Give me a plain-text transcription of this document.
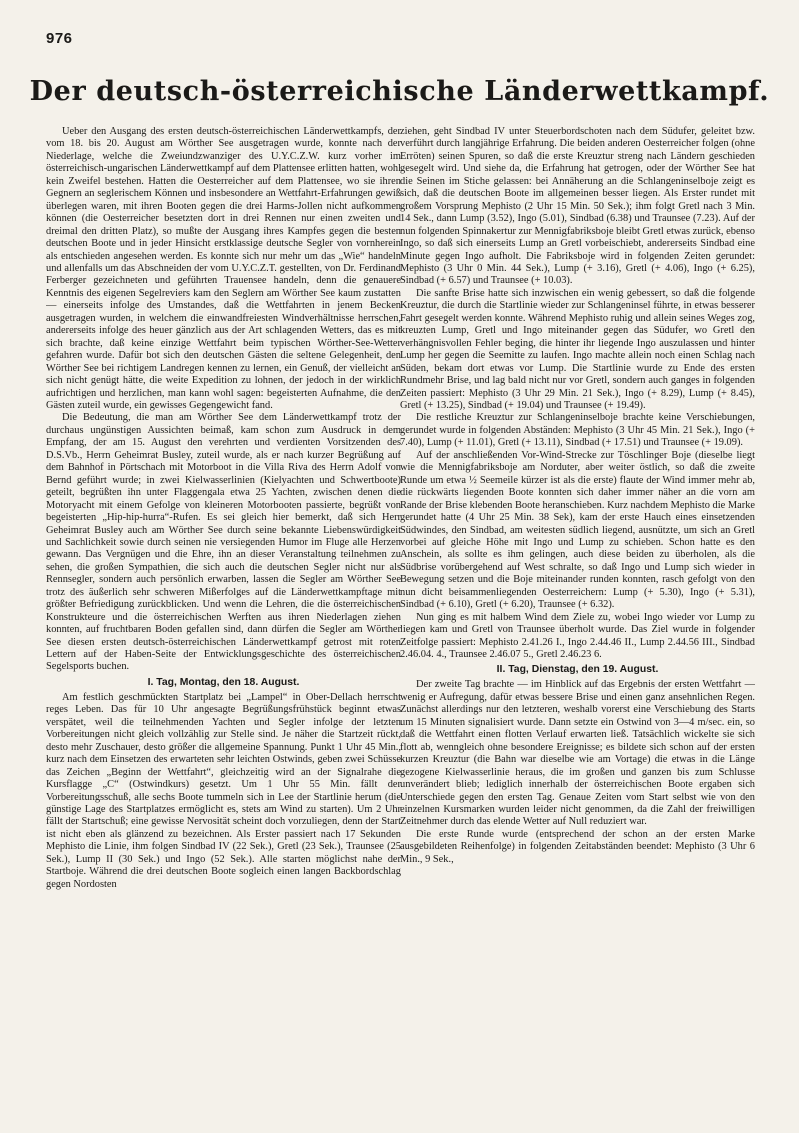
976
Der deutsch-österreichische Länderwettkampf.

Ueber den Ausgang des ersten deutsch-österreichischen Länderwettkampfs, der vom 18. bis 20. August am Wörther See ausgetragen wurde, konnte nach der Niederlage, welche die Zweiundzwanziger des U.Y.C.Z.W. kurz vorher im österreichisch-ungarischen Länderwettkampf auf dem Plattensee erlitten hatten, wohl kein Zweifel bestehen. Hatten die Oesterreicher auf dem Plattensee, wo sie ihren Gegnern an seglerischem Können und insbesondere an Wettfahrt-Erfahrungen gewiß überlegen waren, mit ihren Booten gegen die drei Harms-Jollen nicht aufkommen können (die Oesterreicher besetzten dort in drei Rennen nur einen zweiten und dreimal den dritten Platz), so mußte der Ausgang ihres Kampfes gegen die besten deutschen Boote und in jeder Hinsicht erstklassige deutsche Segler von vornherein als entschieden angesehen werden. Es konnte sich nur mehr um das „Wie“ handeln und allenfalls um das Abschneiden der vom U.Y.C.Z.T. gestellten, von Dr. Ferdinand Ferberger gezeichneten und geführten Trauensee handeln, denn die genauere Kenntnis des eigenen Segelreviers kam den Seglern am Wörther See kaum zustatten — einerseits infolge des Umstandes, daß die Wettfahrten in jenem Becken ausgetragen wurden, in welchem die einwandfreiesten Windverhältnisse herrschen, andererseits infolge des heuer gänzlich aus der Art schlagenden Wetters, das es mit sich brachte, daß keine einzige Wettfahrt beim typischen Wörther-See-Wetter gefahren wurde. Dafür bot sich den deutschen Gästen die seltene Gelegenheit, den Wörther See bei richtigem Landregen kennen zu lernen, ein Genuß, der vielleicht an sich nicht genügt hätte, die weite Expedition zu lohnen, der jedoch in der wirklich aufrichtigen und herzlichen, man kann wohl sagen: begeisterten Aufnahme, die den Gästen zuteil wurde, ein gewisses Gegengewicht fand.

Die Bedeutung, die man am Wörther See dem Länderwettkampf trotz der durchaus ungünstigen Aussichten beimaß, kam schon zum Ausdruck in dem Empfang, der am 15. August den verehrten und verdienten Vorsitzenden des D.S.Vb., Herrn Geheimrat Busley, zuteil wurde, als er nach kurzer Begrüßung auf dem Bahnhof in Pörtschach mit Motorboot in die Villa Riva des Herrn Adolf von Bernd geführt wurde; in zwei Kielwasserlinien (Kielyachten und Schwertboote) geteilt, begrüßten ihn unter Flaggengala etwa 25 Yachten, zwischen denen die Motoryacht mit einem Gefolge von kleineren Motorbooten passierte, begrüßt von begeisterten „Hip-hip-hurra“-Rufen. Es sei gleich hier bemerkt, daß sich Herr Geheimrat Busley auch am Wörther See durch seine bekannte Liebenswürdigkeit und Sachlichkeit sowie durch seinen nie versiegenden Humor im Fluge alle Herzen gewann. Das Vergnügen und die Ehre, ihn an dieser Veranstaltung teilnehmen zu sehen, die großen Sympathien, die sich auch die deutschen Segler nicht nur als Rennsegler, sondern auch persönlich erwarben, lassen die Segler am Wörther See trotz des äußerlich sehr schweren Mißerfolges auf die Länderwettkampftage mit größter Befriedigung zurückblicken. Und wenn die Lehren, die die österreichischen Konstrukteure und die österreichischen Werften aus ihren Niederlagen ziehen konnten, auf fruchtbaren Boden gefallen sind, dann dürfen die Segler am Wörther See diesen ersten deutsch-österreichischen Länderwettkampf getrost mit roten Lettern auf der Haben-Seite der Entwicklungsgeschichte des österreichischen Segelsports buchen.

I. Tag, Montag, den 18. August.

Am festlich geschmückten Startplatz bei „Lampel“ in Ober-Dellach herrscht reges Leben. Das für 10 Uhr angesagte Begrüßungsfrühstück beginnt etwas verspätet, weil die teilnehmenden Yachten und Segler infolge der letzten Vorbereitungen nicht gleich vollzählig zur Stelle sind. Je näher die Startzeit rückt, desto mehr Zuschauer, desto größer die allgemeine Spannung. Punkt 1 Uhr 45 Min., kurz nach dem Einsetzen des erwarteten sehr leichten Ostwinds, geben zwei Schüsse das Zeichen „Beginn der Wettfahrt“, gleichzeitig wird an der Signalrahe die Kursflagge „C“ (Ostwindkurs) gesetzt. Um 1 Uhr 55 Min. fällt der Vorbereitungsschuß, alle sechs Boote tummeln sich in Lee der Startlinie herum (die günstige Lage des Startplatzes ermöglicht es, stets am Wind zu starten). Um 2 Uhr fällt der Startschuß; eine gewisse Nervosität scheint doch vorzuliegen, denn der Start ist nicht eben als glänzend zu bezeichnen. Als Erster passiert nach 17 Sekunden Mephisto die Linie, ihm folgen Sindbad IV (22 Sek.), Gretl (23 Sek.), Traunsee (25 Sek.), Lump II (30 Sek.) und Ingo (52 Sek.). Alle starten möglichst nahe der Startboje. Während die drei deutschen Boote sogleich einen langen Backbordschlag gegen Nordosten

ziehen, geht Sindbad IV unter Steuerbordschoten nach dem Südufer, geleitet bzw. verführt durch langjährige Erfahrung. Die beiden anderen Oesterreicher folgen (ohne Erröten) seinen Spuren, so daß die erste Kreuztur streng nach Ländern geschieden gesegelt wird. Und siehe da, die Erfahrung hat getrogen, oder der Wörther See hat die Seinen im Stiche gelassen: bei Annäherung an die Schlangeninselboje zeigt es sich, daß die deutschen Boote im allgemeinen besser liegen. Als Erster rundet mit großem Vorsprung Mephisto (2 Uhr 15 Min. 50 Sek.); ihm folgt Gretl nach 3 Min. 14 Sek., dann Lump (3.52), Ingo (5.01), Sindbad (6.38) und Traunsee (7.23). Auf der nun folgenden Spinnakertur zur Mennigfabriksboje bleibt Gretl etwas zurück, ebenso Ingo, so daß sich einerseits Lump an Gretl vorbeischiebt, andererseits Sindbad eine Minute gegen Ingo aufholt. Die Fabriksboje wird in folgenden Zeiten gerundet: Mephisto (3 Uhr 0 Min. 44 Sek.), Lump (+ 3.16), Gretl (+ 4.06), Ingo (+ 6.25), Sindbad (+ 6.57) und Traunsee (+ 10.03).

Die sanfte Brise hatte sich inzwischen ein wenig gebessert, so daß die folgende Kreuztur, die durch die Startlinie wieder zur Schlangeninsel führte, in etwas besserer Fahrt gesegelt werden konnte. Während Mephisto ruhig und allein seines Weges zog, kreuzten Lump, Gretl und Ingo miteinander gegen das Südufer, wo Gretl den verhängnisvollen Fehler beging, die hinter ihr liegende Ingo auszulassen und hinter Lump her gegen die Seemitte zu laufen. Ingo machte allein noch einen Schlag nach Süden, bekam dort etwas vor Lump. Die Startlinie wurde zu Ende des ersten Rundmehr Brise, und lag bald nicht nur vor Gretl, sondern auch ganges in folgenden Zeiten passiert: Mephisto (3 Uhr 29 Min. 21 Sek.), Ingo (+ 8.29), Lump (+ 8.45), Gretl (+ 13.25), Sindbad (+ 19.04) und Traunsee (+ 19.49).

Die restliche Kreuztur zur Schlangeninselboje brachte keine Verschiebungen, gerundet wurde in folgenden Abständen: Mephisto (3 Uhr 45 Min. 21 Sek.), Ingo (+ 7.40), Lump (+ 11.01), Gretl (+ 13.11), Sindbad (+ 17.51) und Traunsee (+ 19.09).

Auf der anschließenden Vor-Wind-Strecke zur Töschlinger Boje (dieselbe liegt wie die Mennigfabriksboje am Norduter, aber weiter östlich, so daß die zweite Runde um etwa ½ Seemeile kürzer ist als die erste) flaute der Wind immer mehr ab, die rückwärts liegenden Boote konnten sich daher immer näher an die vorn am Rande der Brise klebenden Boote heranschieben. Kurz nachdem Mephisto die Marke gerundet hatte (4 Uhr 25 Min. 38 Sek), kam der erste Hauch eines einsetzenden Südwindes, den Sindbad, am weitesten südlich liegend, ausnützte, um sich an Gretl vorbei auf gleiche Höhe mit Ingo und Lump zu schieben. Schon hatte es den Anschein, als sollte es ihm gelingen, auch diese beiden zu überholen, als die Südbrise vorübergehend auf West schralte, so daß Ingo und Lump sich wieder in Bewegung setzen und die Boje miteinander runden konnten, rasch gefolgt von den nun dicht beisammenliegenden Oesterreichern: Lump (+ 5.30), Ingo (+ 5.31), Sindbad (+ 6.10), Gretl (+ 6.20), Traunsee (+ 6.32).

Nun ging es mit halbem Wind dem Ziele zu, wobei Ingo wieder vor Lump zu liegen kam und Gretl von Traunsee überholt wurde. Das Ziel wurde in folgender Zeitfolge passiert: Mephisto 2.41.26 I., Ingo 2.44.46 II., Lump 2.44.56 III., Sindbad 2.46.04. 4., Traunsee 2.46.07 5., Gretl 2.46.23 6.

II. Tag, Dienstag, den 19. August.

Der zweite Tag brachte — im Hinblick auf das Ergebnis der ersten Wettfahrt — wenig er Aufregung, dafür etwas bessere Brise und einen ganz ansehnlichen Regen. Zunächst allerdings nur den letzteren, weshalb vorerst eine Verschiebung des Starts um 15 Minuten signalisiert wurde. Dann setzte ein Ostwind von 3—4 m/sec. ein, so daß die Wettfahrt einen flotten Verlauf erwarten ließ. Tatsächlich wickelte sie sich flott ab, wenngleich ohne besondere Ereignisse; es bildete sich schon auf der ersten kurzen Kreuztur (die Bahn war dieselbe wie am Vortage) die etwas in die Länge gezogene Kielwasserlinie heraus, die im großen und ganzen bis zum Schlusse unverändert blieb; lediglich innerhalb der österreichischen Boote ergaben sich Unterschiede gegen den ersten Tag. Genaue Zeiten vom Start selbst wie von den einzelnen Kursmarken wurden leider nicht genommen, da die Zahl der freiwilligen Zeitnehmer durch das elende Wetter auf Null reduziert war.

Die erste Runde wurde (entsprechend der schon an der ersten Marke ausgebildeten Reihenfolge) in folgenden Zeitabständen beendet: Mephisto (3 Uhr 6 Min., 9 Sek.,
